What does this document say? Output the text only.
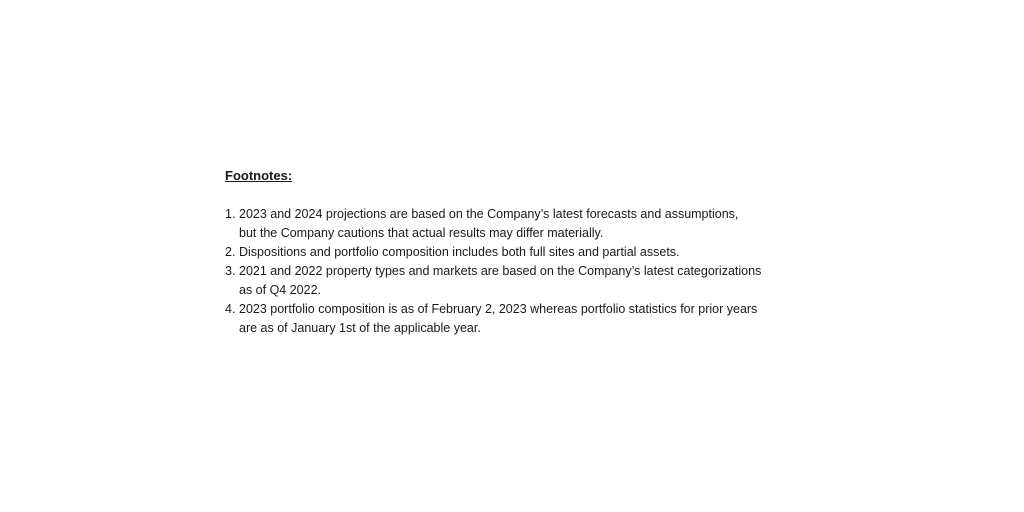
Footnotes:

1. 2023 and 2024 projections are based on the Company’s latest forecasts and assumptions,
but the Company cautions that actual results may differ materially.
2. Dispositions and portfolio composition includes both full sites and partial assets.
3. 2021 and 2022 property types and markets are based on the Company’s latest categorizations
as of Q4 2022.
4. 2023 portfolio composition is as of February 2, 2023 whereas portfolio statistics for prior years
are as of January 1st of the applicable year.
